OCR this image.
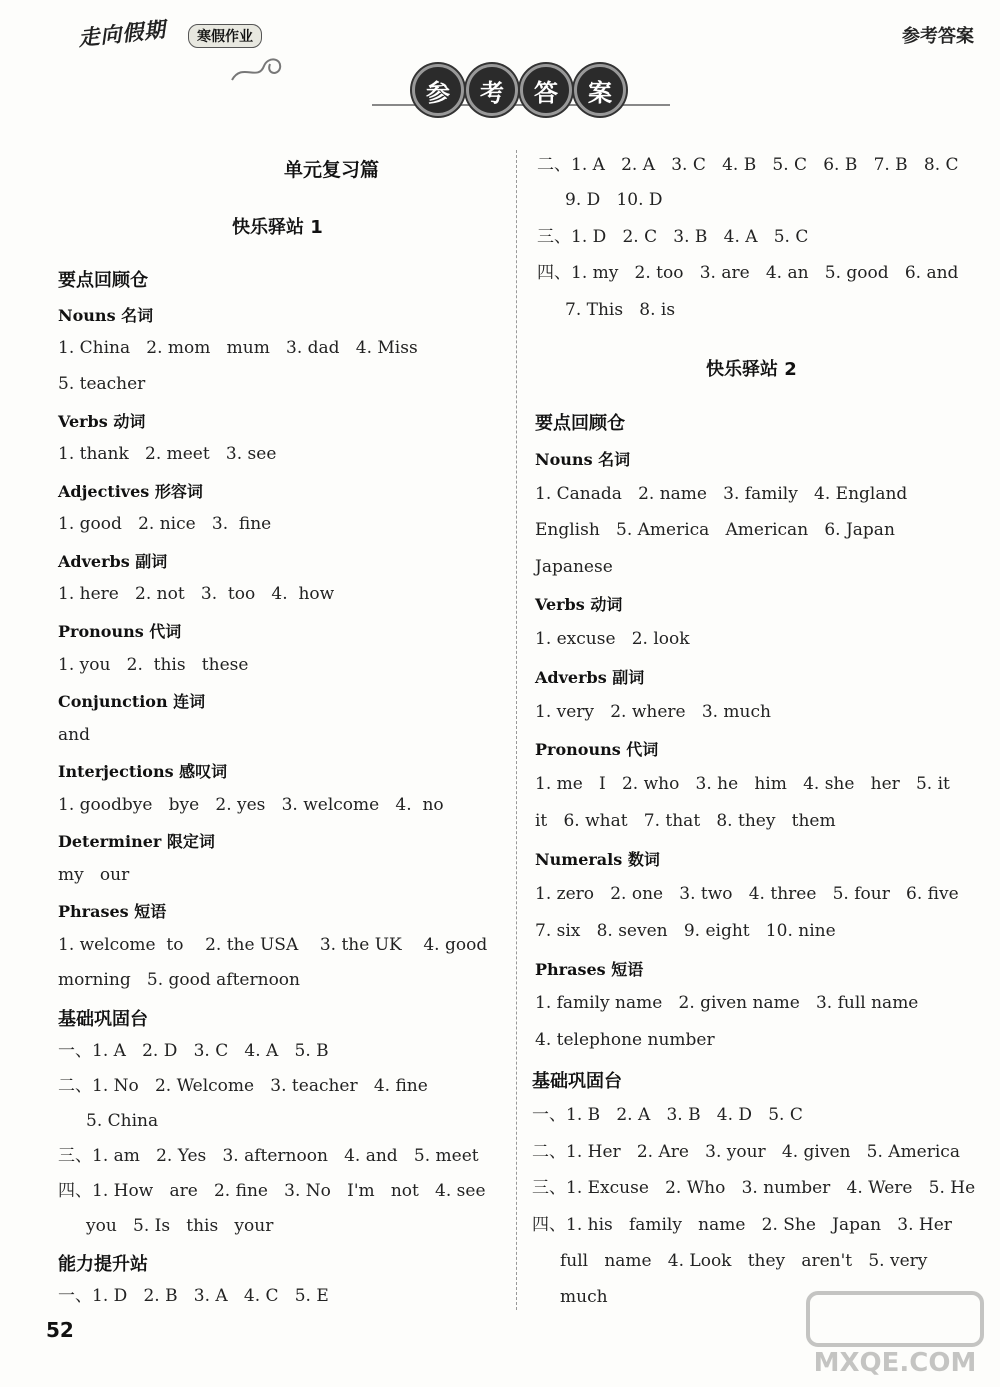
走向假期	寒假作业	参考答案
参	考	答	案
单元复习篇
快乐驿站 1
要点回顾仓
Nouns 名词
1. China   2. mom   mum   3. dad   4. Miss
5. teacher
Verbs 动词
1. thank   2. meet   3. see
Adjectives 形容词
1. good   2. nice   3.  fine
Adverbs 副词
1. here   2. not   3.  too   4.  how
Pronouns 代词
1. you   2.  this   these
Conjunction 连词
and
Interjections 感叹词
1. goodbye   bye   2. yes   3. welcome   4.  no
Determiner 限定词
my   our
Phrases 短语
1. welcome  to    2. the USA    3. the UK    4. good
morning   5. good afternoon
基础巩固台
一、1. A   2. D   3. C   4. A   5. B
二、1. No   2. Welcome   3. teacher   4. fine
5. China
三、1. am   2. Yes   3. afternoon   4. and   5. meet
四、1. How   are   2. fine   3. No   I'm   not   4. see
you   5. Is   this   your
能力提升站
一、1. D   2. B   3. A   4. C   5. E
二、1. A   2. A   3. C   4. B   5. C   6. B   7. B   8. C
9. D   10. D
三、1. D   2. C   3. B   4. A   5. C
四、1. my   2. too   3. are   4. an   5. good   6. and
7. This   8. is
快乐驿站 2
要点回顾仓
Nouns 名词
1. Canada   2. name   3. family   4. England
English   5. America   American   6. Japan
Japanese
Verbs 动词
1. excuse   2. look
Adverbs 副词
1. very   2. where   3. much
Pronouns 代词
1. me   I   2. who   3. he   him   4. she   her   5. it
it   6. what   7. that   8. they   them
Numerals 数词
1. zero   2. one   3. two   4. three   5. four   6. five
7. six   8. seven   9. eight   10. nine
Phrases 短语
1. family name   2. given name   3. full name
4. telephone number
基础巩固台
一、1. B   2. A   3. B   4. D   5. C
二、1. Her   2. Are   3. your   4. given   5. America
三、1. Excuse   2. Who   3. number   4. Were   5. He
四、1. his   family   name   2. She   Japan   3. Her
full   name   4. Look   they   aren't   5. very
much
52
MXQE.COM
